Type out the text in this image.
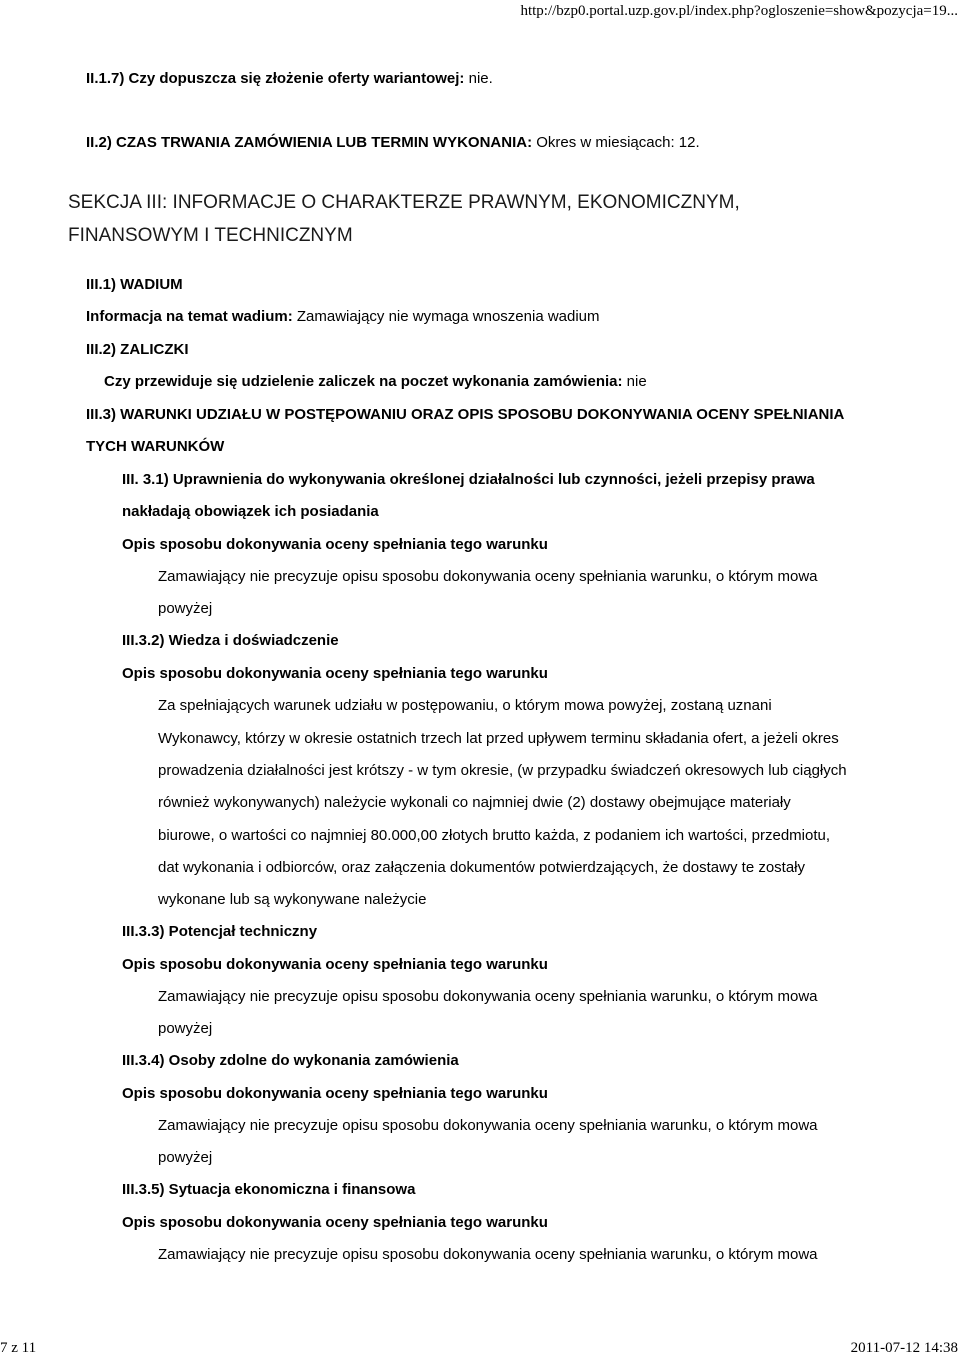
http://bzp0.portal.uzp.gov.pl/index.php?ogloszenie=show&pozycja=19...
II.1.7) Czy dopuszcza się złożenie oferty wariantowej: nie.
II.2) CZAS TRWANIA ZAMÓWIENIA LUB TERMIN WYKONANIA: Okres w miesiącach: 12.
SEKCJA III: INFORMACJE O CHARAKTERZE PRAWNYM, EKONOMICZNYM,
FINANSOWYM I TECHNICZNYM
III.1) WADIUM
Informacja na temat wadium: Zamawiający nie wymaga wnoszenia wadium
III.2) ZALICZKI
Czy przewiduje się udzielenie zaliczek na poczet wykonania zamówienia: nie
III.3) WARUNKI UDZIAŁU W POSTĘPOWANIU ORAZ OPIS SPOSOBU DOKONYWANIA OCENY SPEŁNIANIA
TYCH WARUNKÓW
III. 3.1) Uprawnienia do wykonywania określonej działalności lub czynności, jeżeli przepisy prawa
nakładają obowiązek ich posiadania
Opis sposobu dokonywania oceny spełniania tego warunku
Zamawiający nie precyzuje opisu sposobu dokonywania oceny spełniania warunku, o którym mowa
powyżej
III.3.2) Wiedza i doświadczenie
Opis sposobu dokonywania oceny spełniania tego warunku
Za spełniających warunek udziału w postępowaniu, o którym mowa powyżej, zostaną uznani
Wykonawcy, którzy w okresie ostatnich trzech lat przed upływem terminu składania ofert, a jeżeli okres
prowadzenia działalności jest krótszy - w tym okresie, (w przypadku świadczeń okresowych lub ciągłych
również wykonywanych) należycie wykonali co najmniej dwie (2) dostawy obejmujące materiały
biurowe, o wartości co najmniej 80.000,00 złotych brutto każda, z podaniem ich wartości, przedmiotu,
dat wykonania i odbiorców, oraz załączenia dokumentów potwierdzających, że dostawy te zostały
wykonane lub są wykonywane należycie
III.3.3) Potencjał techniczny
Opis sposobu dokonywania oceny spełniania tego warunku
Zamawiający nie precyzuje opisu sposobu dokonywania oceny spełniania warunku, o którym mowa
powyżej
III.3.4) Osoby zdolne do wykonania zamówienia
Opis sposobu dokonywania oceny spełniania tego warunku
Zamawiający nie precyzuje opisu sposobu dokonywania oceny spełniania warunku, o którym mowa
powyżej
III.3.5) Sytuacja ekonomiczna i finansowa
Opis sposobu dokonywania oceny spełniania tego warunku
Zamawiający nie precyzuje opisu sposobu dokonywania oceny spełniania warunku, o którym mowa
7 z 11	2011-07-12 14:38
